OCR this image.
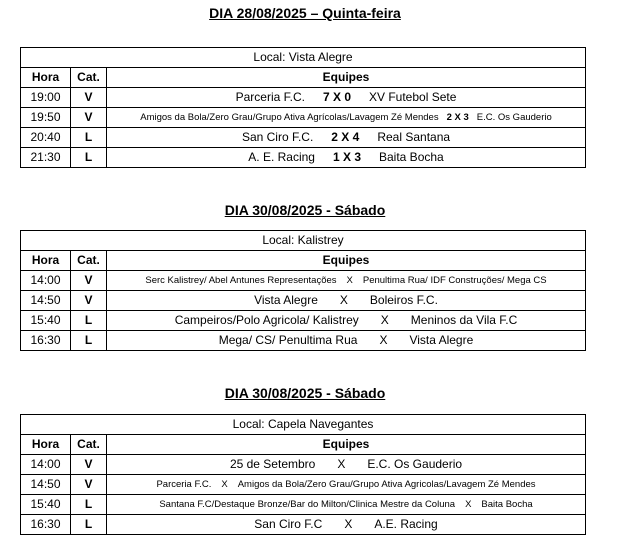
DIA 28/08/2025 – Quinta-feira
Local: Vista Alegre		
Hora	Cat.	Equipes
19:00	V	Parceria F.C. 7 X 0 XV Futebol Sete

19:50	V	Amigos da Bola/Zero Grau/Grupo Ativa Agrícolas/Lavagem Zé Mendes 2 X 3 E.C. Os Gauderio

20:40	L	San Ciro F.C. 2 X 4 Real Santana

21:30	L	A. E. Racing 1 X 3 Baita Bocha
DIA 30/08/2025 - Sábado
Local: Kalistrey		
Hora	Cat.	Equipes
14:00	V	Serc Kalistrey/ Abel Antunes Representações X Penultima Rua/ IDF Construções/ Mega CS

14:50	V	Vista Alegre X Boleiros F.C.

15:40	L	Campeiros/Polo Agricola/ Kalistrey X Meninos da Vila F.C

16:30	L	Mega/ CS/ Penultima Rua X Vista Alegre
DIA 30/08/2025 - Sábado
Local: Capela Navegantes		
Hora	Cat.	Equipes
14:00	V	25 de Setembro X E.C. Os Gauderio

14:50	V	Parceria F.C. X Amigos da Bola/Zero Grau/Grupo Ativa Agricolas/Lavagem Zé Mendes

15:40	L	Santana F.C/Destaque Bronze/Bar do Milton/Clinica Mestre da Coluna X Baita Bocha

16:30	L	San Ciro F.C X A.E. Racing
